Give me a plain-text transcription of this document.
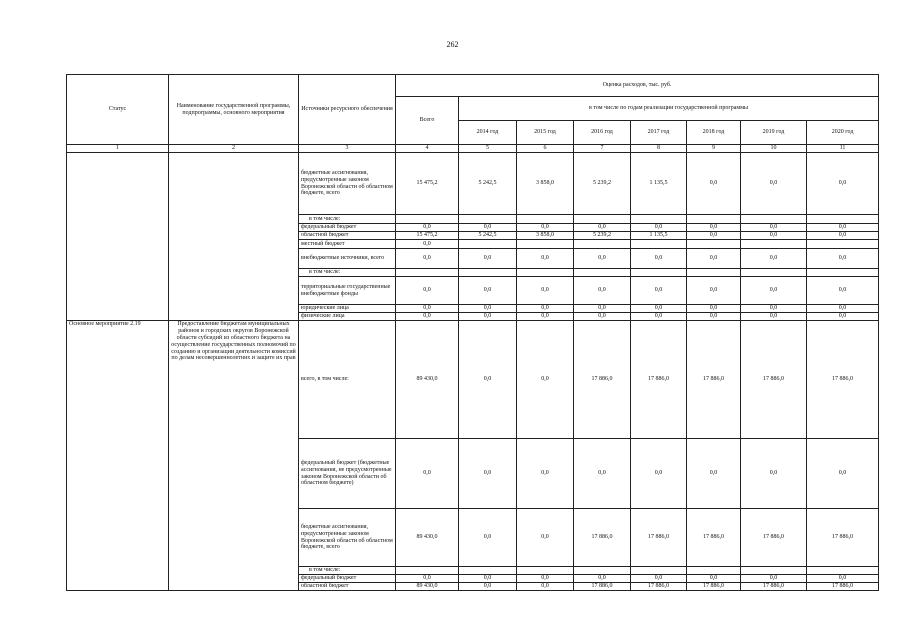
262
Статус	Наименование государственной программы, подпрограммы, основного мероприятия	Источники ресурсного обеспечения	Оценка расходов, тыс. руб.							
			Всего	в том числе по годам реализации государственной программы						
				2014 год	2015 год	2016 год	2017 год	2018 год	2019 год	2020 год
1	2	3	4	5	6	7	8	9	10	11
		бюджетные ассигнования, предусмотренные законом Воронежской области об областном бюджете, всего	15 475,2	5 242,5	3 858,0	5 239,2	1 135,5	0,0	0,0	0,0
		в том числе:								
		федеральный бюджет	0,0	0,0	0,0	0,0	0,0	0,0	0,0	0,0
		областной бюджет	15 475,2	5 242,5	3 858,0	5 239,2	1 135,5	0,0	0,0	0,0
		местный бюджет	0,0							
		внебюджетные источники, всего	0,0	0,0	0,0	0,0	0,0	0,0	0,0	0,0
		в том числе:								
		территориальные государственные внебюджетные фонды	0,0	0,0	0,0	0,0	0,0	0,0	0,0	0,0
		юридические лица	0,0	0,0	0,0	0,0	0,0	0,0	0,0	0,0
		физические лица	0,0	0,0	0,0	0,0	0,0	0,0	0,0	0,0
Основное мероприятие 2.19	Предоставление бюджетам муниципальных районов и городских округов Воронежской области субсидий из областного бюджета на осуществление государственных полномочий по созданию и организации деятельности комиссий по делам несовершеннолетних и защите их прав	всего, в том числе:	89 430,0	0,0	0,0	17 886,0	17 886,0	17 886,0	17 886,0	17 886,0
		федеральный бюджет (бюджетные ассигнования, не предусмотренные законом Воронежской области об областном бюджете)	0,0	0,0	0,0	0,0	0,0	0,0	0,0	0,0
		бюджетные ассигнования, предусмотренные законом Воронежской области об областном бюджете, всего	89 430,0	0,0	0,0	17 886,0	17 886,0	17 886,0	17 886,0	17 886,0
		в том числе:								
		федеральный бюджет	0,0	0,0	0,0	0,0	0,0	0,0	0,0	0,0
		областной бюджет	89 430,0	0,0	0,0	17 886,0	17 886,0	17 886,0	17 886,0	17 886,0
